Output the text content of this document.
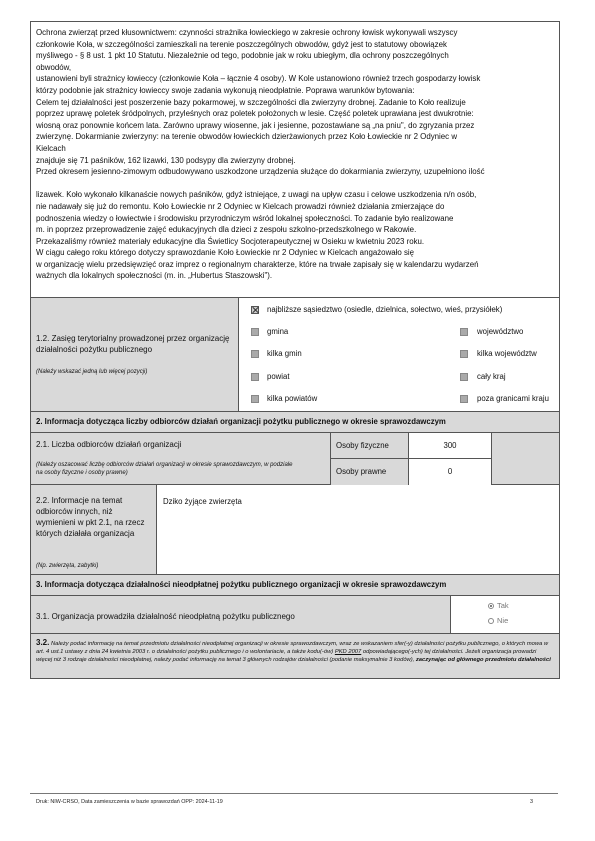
Ochrona zwierząt przed kłusownictwem: czynności strażnika łowieckiego w zakresie ochrony łowisk wykonywali wszyscy

członkowie Koła, w szczególności zamieszkali na terenie poszczególnych obwodów, gdyż jest to statutowy obowiązek

myśliwego - § 8 ust. 1 pkt 10 Statutu. Niezależnie od tego, podobnie jak w roku ubiegłym, dla ochrony poszczególnych

obwodów,

ustanowieni byli strażnicy łowieccy (członkowie Koła – łącznie 4 osoby). W Kole ustanowiono również trzech gospodarzy łowisk

którzy podobnie jak strażnicy łowieccy swoje zadania wykonują nieodpłatnie. Poprawa warunków bytowania:

Celem tej działalności jest poszerzenie bazy pokarmowej, w szczególności dla zwierzyny drobnej. Zadanie to Koło realizuje

poprzez uprawę poletek śródpolnych, przyleśnych oraz poletek położonych w lesie. Część poletek uprawiana jest dwukrotnie:

wiosną oraz ponownie końcem lata. Zarówno uprawy wiosenne, jak i jesienne, pozostawiane są „na pniu", do zgryzania przez

zwierzynę. Dokarmianie zwierzyny: na terenie obwodów łowieckich dzierżawionych przez Koło Łowieckie nr 2 Odyniec w

Kielcach

znajduje się 71 paśników, 162 lizawki, 130 podsypy dla zwierzyny drobnej.

Przed okresem jesienno-zimowym odbudowywano uszkodzone urządzenia służące do dokarmiania zwierzyny, uzupełniono ilość

lizawek. Koło wykonało kilkanaście nowych paśników, gdyż istniejące, z uwagi na upływ czasu i celowe uszkodzenia n/n osób,

nie nadawały się już do remontu. Koło Łowieckie nr 2 Odyniec w Kielcach prowadzi również działania zmierzające do

podnoszenia wiedzy o łowiectwie i środowisku przyrodniczym wśród lokalnej społeczności. To zadanie było realizowane

m. in poprzez przeprowadzenie zajęć edukacyjnych dla dzieci z zespołu szkolno-przedszkolnego w Rakowie.

Przekazaliśmy również materiały edukacyjne dla Świetlicy Socjoterapeutycznej w Osieku w kwietniu 2023 roku.

W ciągu całego roku którego dotyczy sprawozdanie Koło Łowieckie nr 2 Odyniec w Kielcach angażowało się

w organizację wielu przedsięwzięć oraz imprez o regionalnym charakterze, które na trwałe zapisały się w kalendarzu wydarzeń

ważnych dla lokalnych społeczności (m. in. „Hubertus Staszowski").

1.2. Zasięg terytorialny prowadzonej przez organizację działalności pożytku publicznego
(Należy wskazać jedną lub więcej pozycji)
najbliższe sąsiedztwo (osiedle, dzielnica, sołectwo, wieś, przysiółek)
gmina	województwo
kilka gmin	kilka województw
powiat	cały kraj
kilka powiatów	poza granicami kraju
2. Informacja dotycząca liczby odbiorców działań organizacji pożytku publicznego w okresie sprawozdawczym
2.1. Liczba odbiorców działań organizacji
(Należy oszacować liczbę odbiorców działań organizacji w okresie sprawozdawczym, w podziale na osoby fizyczne i osoby prawne)
Osoby fizyczne	300
Osoby prawne	0
2.2. Informacje na temat odbiorców innych, niż wymienieni w pkt 2.1, na rzecz których działała organizacja
(Np. zwierzęta, zabytki)
Dziko żyjące zwierzęta
3. Informacja dotycząca działalności nieodpłatnej pożytku publicznego organizacji w okresie sprawozdawczym
3.1. Organizacja prowadziła działalność nieodpłatną pożytku publicznego
Tak
Nie
3.2. Należy podać informację na temat przedmiotu działalności nieodpłatnej organizacji w okresie sprawozdawczym, wraz ze wskazaniem sfer(-y) działalności pożytku publicznego, o których mowa w art. 4 ust.1 ustawy z dnia 24 kwietnia 2003 r. o działalności pożytku publicznego i o wolontariacie, a także kodu(-ów) PKD 2007 odpowiadającego(-ych) tej działalności. Jeżeli organizacja prowadzi więcej niż 3 rodzaje działalności nieodpłatnej, należy podać informację na temat 3 głównych rodzajów działalności (podanie maksymalnie 3 kodów), zaczynając od głównego przedmiotu działalności
Druk: NIW-CRSO, Data zamieszczenia w bazie sprawozdań OPP: 2024-11-19	3
